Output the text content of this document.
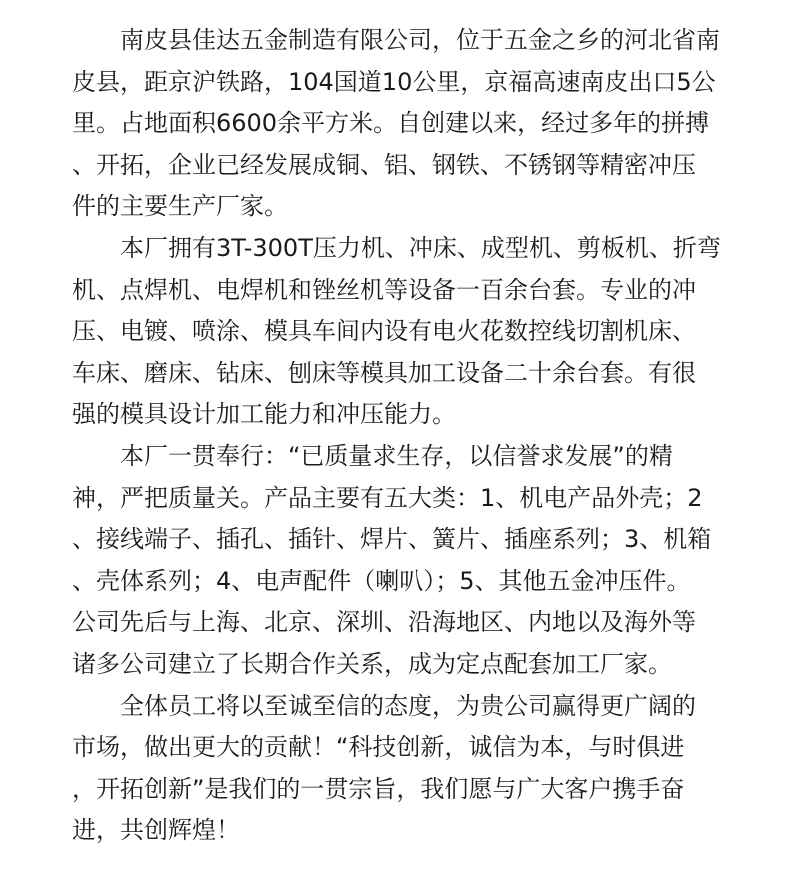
南皮县佳达五金制造有限公司，位于五金之乡的河北省南
皮县，距京沪铁路，104国道10公里，京福高速南皮出口5公
里。占地面积6600余平方米。自创建以来，经过多年的拼搏
、开拓，企业已经发展成铜、铝、钢铁、不锈钢等精密冲压
件的主要生产厂家。
本厂拥有3T-300T压力机、冲床、成型机、剪板机、折弯
机、点焊机、电焊机和锉丝机等设备一百余台套。专业的冲
压、电镀、喷涂、模具车间内设有电火花数控线切割机床、
车床、磨床、钻床、刨床等模具加工设备二十余台套。有很
强的模具设计加工能力和冲压能力。
本厂一贯奉行：“已质量求生存，以信誉求发展”的精
神，严把质量关。产品主要有五大类：1、机电产品外壳；2
、接线端子、插孔、插针、焊片、簧片、插座系列；3、机箱
、壳体系列；4、电声配件（喇叭）；5、其他五金冲压件。
公司先后与上海、北京、深圳、沿海地区、内地以及海外等
诸多公司建立了长期合作关系，成为定点配套加工厂家。
全体员工将以至诚至信的态度，为贵公司赢得更广阔的
市场，做出更大的贡献！“科技创新，诚信为本，与时俱进
，开拓创新”是我们的一贯宗旨，我们愿与广大客户携手奋
进，共创辉煌！
